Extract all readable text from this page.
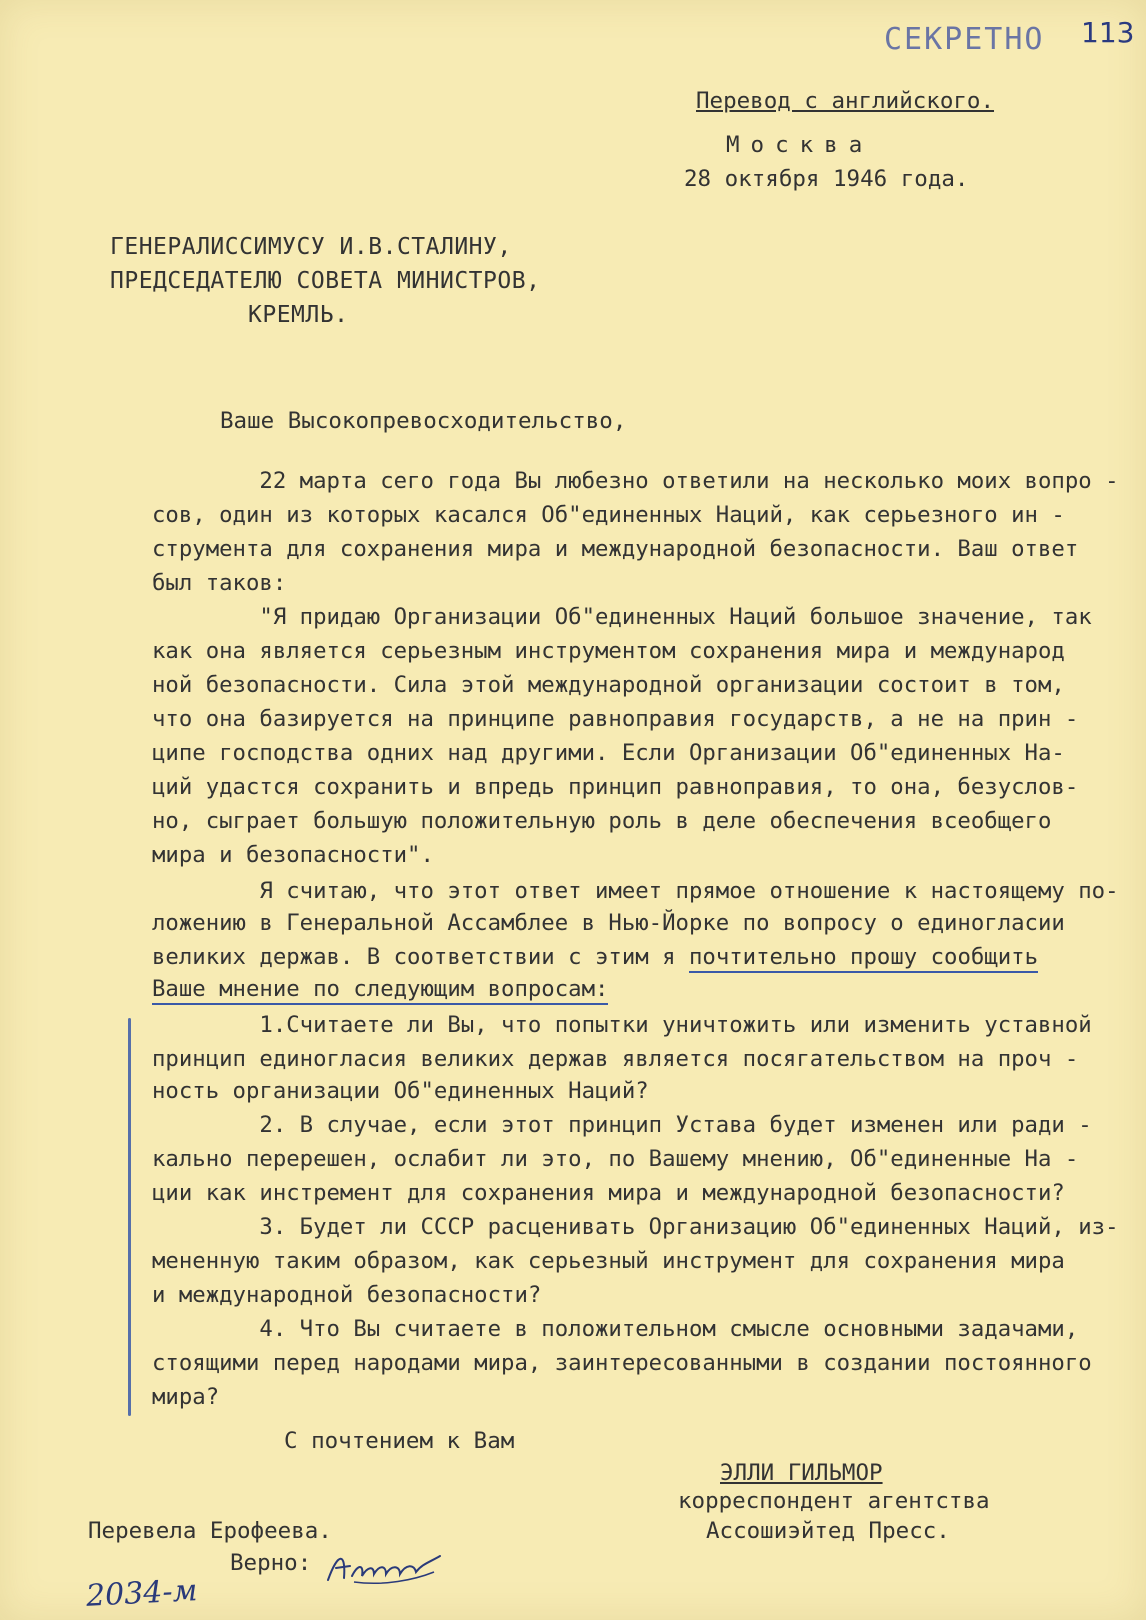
СЕКРЕТНО 113
Перевод с английского.
Москва
28 октября 1946 года.
ГЕНЕРАЛИССИМУСУ И.В.СТАЛИНУ,
ПРЕДСЕДАТЕЛЮ СОВЕТА МИНИСТРОВ,
КРЕМЛЬ.
Ваше Высокопревосходительство,
22 марта сего года Вы любезно ответили на несколько моих вопро -
сов, один из которых касался Об"единенных Наций, как серьезного ин -
струмента для сохранения мира и международной безопасности. Ваш ответ
был таков:
"Я придаю Организации Об"единенных Наций большое значение, так
как она является серьезным инструментом сохранения мира и международ
ной безопасности. Сила этой международной организации состоит в том,
что она базируется на принципе равноправия государств, а не на прин -
ципе господства одних над другими. Если Организации Об"единенных На-
ций удастся сохранить и впредь принцип равноправия, то она, безуслов-
но, сыграет большую положительную роль в деле обеспечения всеобщего
мира и безопасности".
Я считаю, что этот ответ имеет прямое отношение к настоящему по-
ложению в Генеральной Ассамблее в Нью-Йорке по вопросу о единогласии
великих держав. В соответствии с этим я почтительно прошу сообщить
Ваше мнение по следующим вопросам:
1.Считаете ли Вы, что попытки уничтожить или изменить уставной
принцип единогласия великих держав является посягательством на проч -
ность организации Об"единенных Наций?
2. В случае, если этот принцип Устава будет изменен или ради -
кально перерешен, ослабит ли это, по Вашему мнению, Об"единенные На -
ции как инстремент для сохранения мира и международной безопасности?
3. Будет ли СССР расценивать Организацию Об"единенных Наций, из-
мененную таким образом, как серьезный инструмент для сохранения мира
и международной безопасности?
4. Что Вы считаете в положительном смысле основными задачами,
стоящими перед народами мира, заинтересованными в создании постоянного
мира?
С почтением к Вам
ЭЛЛИ ГИЛЬМОР
корреспондент агентства
Ассошиэйтед Пресс.
Перевела Ерофеева.
Верно:
2034-м
